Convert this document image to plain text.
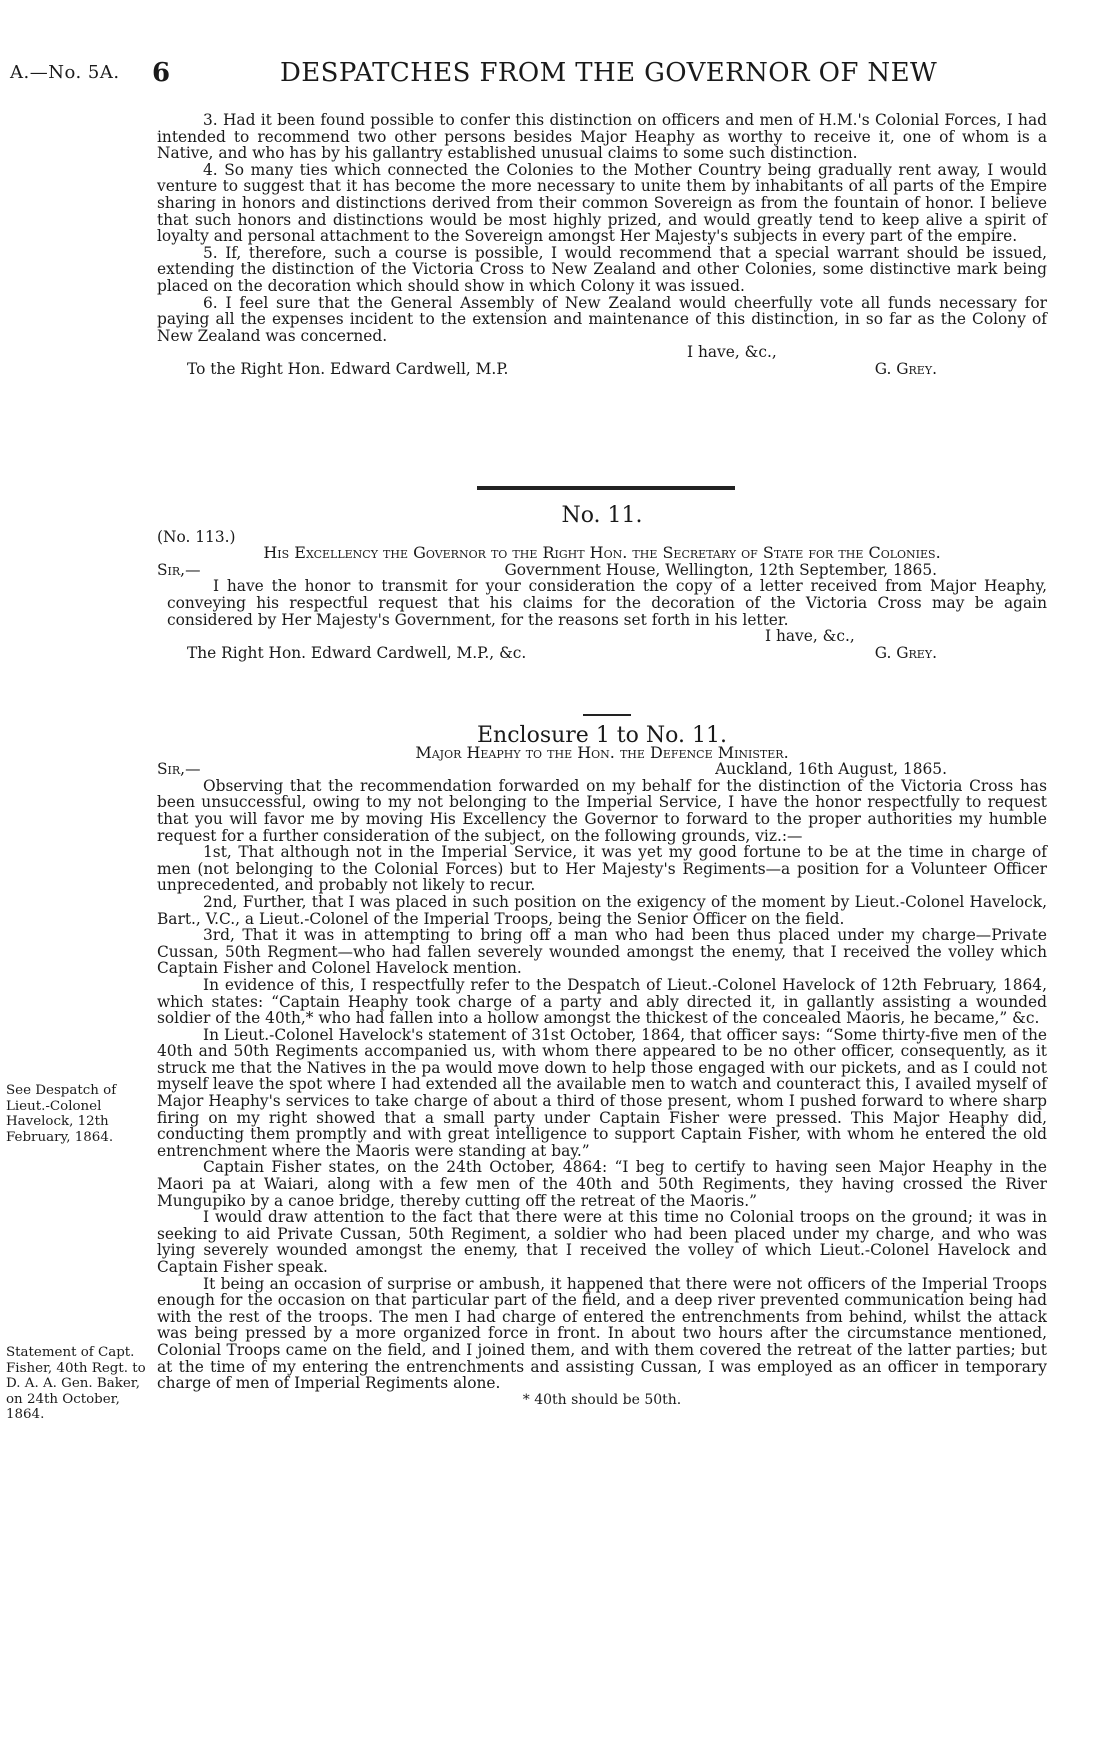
A.—No. 5A. 6	DESPATCHES FROM THE GOVERNOR OF NEW

3. Had it been found possible to confer this distinction on officers and men of H.M.'s Colonial Forces, I had intended to recommend two other persons besides Major Heaphy as worthy to receive it, one of whom is a Native, and who has by his gallantry established unusual claims to some such distinction.

4. So many ties which connected the Colonies to the Mother Country being gradually rent away, I would venture to suggest that it has become the more necessary to unite them by inhabitants of all parts of the Empire sharing in honors and distinctions derived from their common Sovereign as from the fountain of honor. I believe that such honors and distinctions would be most highly prized, and would greatly tend to keep alive a spirit of loyalty and personal attachment to the Sovereign amongst Her Majesty's subjects in every part of the empire.

5. If, therefore, such a course is possible, I would recommend that a special warrant should be issued, extending the distinction of the Victoria Cross to New Zealand and other Colonies, some distinctive mark being placed on the decoration which should show in which Colony it was issued.

6. I feel sure that the General Assembly of New Zealand would cheerfully vote all funds necessary for paying all the expenses incident to the extension and maintenance of this distinction, in so far as the Colony of New Zealand was concerned.

I have, &c.,
To the Right Hon. Edward Cardwell, M.P.	G. Grey.
No. 11.
(No. 113.)
His Excellency the Governor to the Right Hon. the Secretary of State for the Colonies.
Sir,—	Government House, Wellington, 12th September, 1865.

I have the honor to transmit for your consideration the copy of a letter received from Major Heaphy, conveying his respectful request that his claims for the decoration of the Victoria Cross may be again considered by Her Majesty's Government, for the reasons set forth in his letter.

I have, &c.,
The Right Hon. Edward Cardwell, M.P., &c.	G. Grey.
Enclosure 1 to No. 11.
Major Heaphy to the Hon. the Defence Minister.
Sir,—	Auckland, 16th August, 1865.

Observing that the recommendation forwarded on my behalf for the distinction of the Victoria Cross has been unsuccessful, owing to my not belonging to the Imperial Service, I have the honor respectfully to request that you will favor me by moving His Excellency the Governor to forward to the proper authorities my humble request for a further consideration of the subject, on the following grounds, viz.:—

1st, That although not in the Imperial Service, it was yet my good fortune to be at the time in charge of men (not belonging to the Colonial Forces) but to Her Majesty's Regiments—a position for a Volunteer Officer unprecedented, and probably not likely to recur.

2nd, Further, that I was placed in such position on the exigency of the moment by Lieut.-Colonel Havelock, Bart., V.C., a Lieut.-Colonel of the Imperial Troops, being the Senior Officer on the field.

3rd, That it was in attempting to bring off a man who had been thus placed under my charge—Private Cussan, 50th Regment—who had fallen severely wounded amongst the enemy, that I received the volley which Captain Fisher and Colonel Havelock mention.

In evidence of this, I respectfully refer to the Despatch of Lieut.-Colonel Havelock of 12th February, 1864, which states: “Captain Heaphy took charge of a party and ably directed it, in gallantly assisting a wounded soldier of the 40th,* who had fallen into a hollow amongst the thickest of the concealed Maoris, he became,” &c.

In Lieut.-Colonel Havelock's statement of 31st October, 1864, that officer says: “Some thirty-five men of the 40th and 50th Regiments accompanied us, with whom there appeared to be no other officer, consequently, as it struck me that the Natives in the pa would move down to help those engaged with our pickets, and as I could not myself leave the spot where I had extended all the available men to watch and counteract this, I availed myself of Major Heaphy's services to take charge of about a third of those present, whom I pushed forward to where sharp firing on my right showed that a small party under Captain Fisher were pressed. This Major Heaphy did, conducting them promptly and with great intelligence to support Captain Fisher, with whom he entered the old entrenchment where the Maoris were standing at bay.”

Captain Fisher states, on the 24th October, 4864: “I beg to certify to having seen Major Heaphy in the Maori pa at Waiari, along with a few men of the 40th and 50th Regiments, they having crossed the River Mungupiko by a canoe bridge, thereby cutting off the retreat of the Maoris.”

I would draw attention to the fact that there were at this time no Colonial troops on the ground; it was in seeking to aid Private Cussan, 50th Regiment, a soldier who had been placed under my charge, and who was lying severely wounded amongst the enemy, that I received the volley of which Lieut.-Colonel Havelock and Captain Fisher speak.

It being an occasion of surprise or ambush, it happened that there were not officers of the Imperial Troops enough for the occasion on that particular part of the field, and a deep river prevented communication being had with the rest of the troops. The men I had charge of entered the entrenchments from behind, whilst the attack was being pressed by a more organized force in front. In about two hours after the circumstance mentioned, Colonial Troops came on the field, and I joined them, and with them covered the retreat of the latter parties; but at the time of my entering the entrenchments and assisting Cussan, I was employed as an officer in temporary charge of men of Imperial Regiments alone.

* 40th should be 50th.
See Despatch of Lieut.-Colonel Havelock, 12th February, 1864.
Statement of Capt. Fisher, 40th Regt. to D. A. A. Gen. Baker, on 24th October, 1864.
